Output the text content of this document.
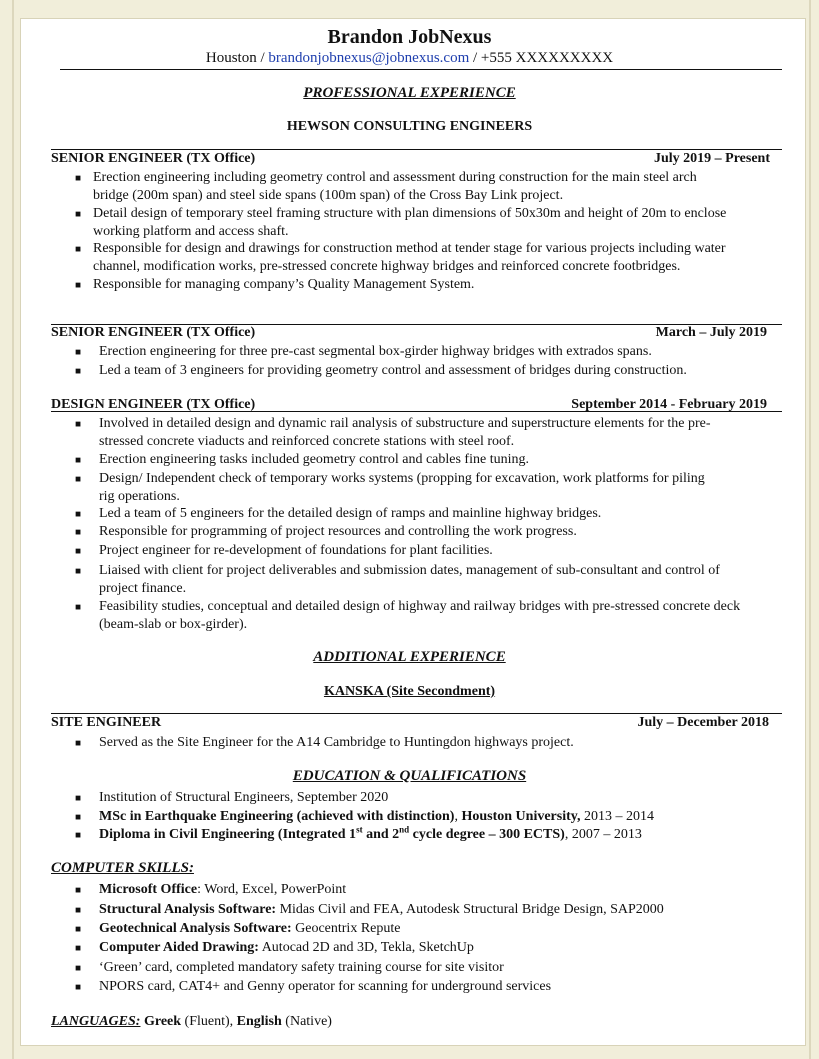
Brandon JobNexus
Houston / brandonjobnexus@jobnexus.com / +555 XXXXXXXXX
PROFESSIONAL EXPERIENCE
HEWSON CONSULTING ENGINEERS
SENIOR ENGINEER (TX Office)	July 2019 – Present
■ Erection engineering including geometry control and assessment during construction for the main steel arch
bridge (200m span) and steel side spans (100m span) of the Cross Bay Link project.
■ Detail design of temporary steel framing structure with plan dimensions of 50x30m and height of 20m to enclose
working platform and access shaft.
■ Responsible for design and drawings for construction method at tender stage for various projects including water
channel, modification works, pre-stressed concrete highway bridges and reinforced concrete footbridges.
■ Responsible for managing company’s Quality Management System.
SENIOR ENGINEER (TX Office)	March – July 2019
■ Erection engineering for three pre-cast segmental box-girder highway bridges with extrados spans.
■ Led a team of 3 engineers for providing geometry control and assessment of bridges during construction.
DESIGN ENGINEER (TX Office)	September 2014 - February 2019
■ Involved in detailed design and dynamic rail analysis of substructure and superstructure elements for the pre-
stressed concrete viaducts and reinforced concrete stations with steel roof.
■ Erection engineering tasks included geometry control and cables fine tuning.
■ Design/ Independent check of temporary works systems (propping for excavation, work platforms for piling
rig operations.
■ Led a team of 5 engineers for the detailed design of ramps and mainline highway bridges.
■ Responsible for programming of project resources and controlling the work progress.
■ Project engineer for re-development of foundations for plant facilities.
■ Liaised with client for project deliverables and submission dates, management of sub-consultant and control of
project finance.
■ Feasibility studies, conceptual and detailed design of highway and railway bridges with pre-stressed concrete deck
(beam-slab or box-girder).
ADDITIONAL EXPERIENCE
KANSKA (Site Secondment)
SITE ENGINEER	July – December 2018
■ Served as the Site Engineer for the A14 Cambridge to Huntingdon highways project.
EDUCATION & QUALIFICATIONS
■ Institution of Structural Engineers, September 2020
■ MSc in Earthquake Engineering (achieved with distinction), Houston University, 2013 – 2014
■ Diploma in Civil Engineering (Integrated 1st and 2nd cycle degree – 300 ECTS), 2007 – 2013
COMPUTER SKILLS:
■ Microsoft Office: Word, Excel, PowerPoint
■ Structural Analysis Software: Midas Civil and FEA, Autodesk Structural Bridge Design, SAP2000
■ Geotechnical Analysis Software: Geocentrix Repute
■ Computer Aided Drawing: Autocad 2D and 3D, Tekla, SketchUp
■ ‘Green’ card, completed mandatory safety training course for site visitor
■ NPORS card, CAT4+ and Genny operator for scanning for underground services
LANGUAGES: Greek (Fluent), English (Native)
